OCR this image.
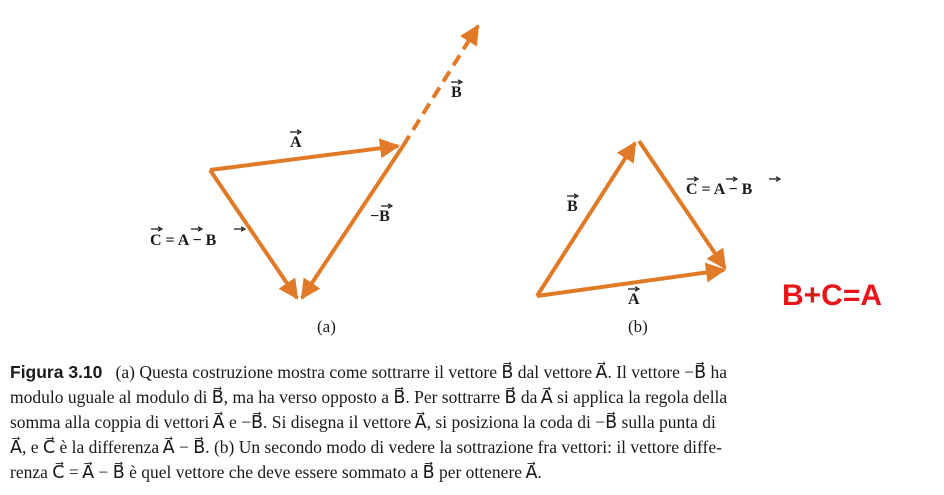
A
B
−B
C = A − B
(a)
B
A
C = A − B
(b)
B+C=A
Figura 3.10 (a) Questa costruzione mostra come sottrarre il vettore B⃗ dal vettore A⃗. Il vettore −B⃗ ha
modulo uguale al modulo di B⃗, ma ha verso opposto a B⃗. Per sottrarre B⃗ da A⃗ si applica la regola della
somma alla coppia di vettori A⃗ e −B⃗. Si disegna il vettore A⃗, si posiziona la coda di −B⃗ sulla punta di
A⃗, e C⃗ è la differenza A⃗ − B⃗. (b) Un secondo modo di vedere la sottrazione fra vettori: il vettore diffe-
renza C⃗ = A⃗ − B⃗ è quel vettore che deve essere sommato a B⃗ per ottenere A⃗.
